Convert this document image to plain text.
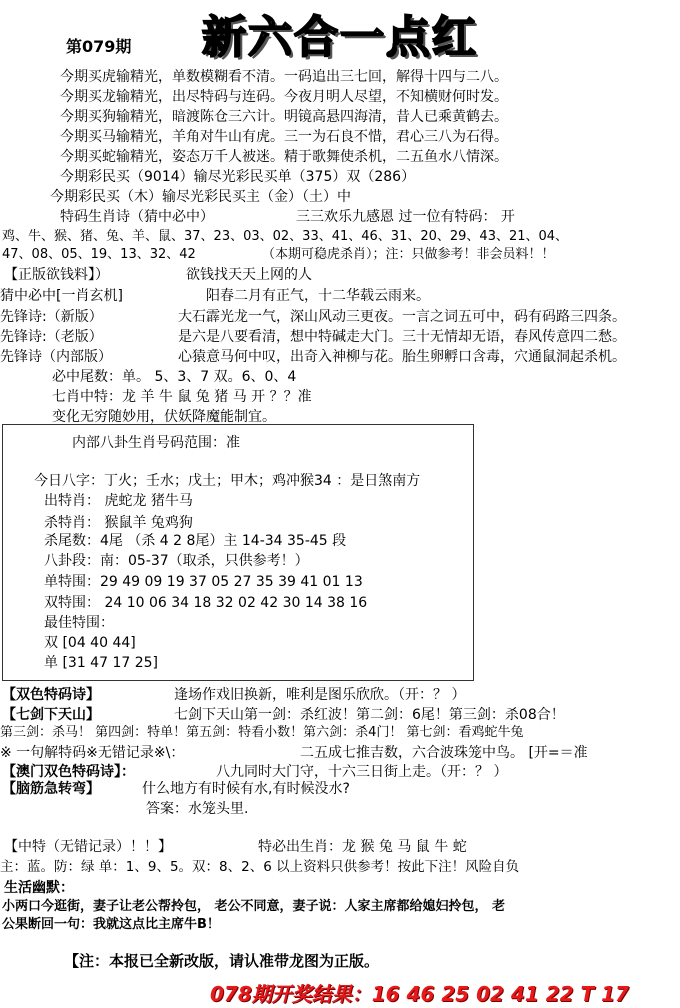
第079期 新六合一点红
今期买虎输精光，单数模糊看不清。一码追出三七回，解得十四与二八。
今期买龙输精光，出尽特码与连码。今夜月明人尽望，不知横财何时发。
今期买狗输精光，暗渡陈仓三六计。明镜高悬四海清，昔人已乘黄鹤去。
今期买马输精光，羊角对牛山有虎。三一为石良不惜，君心三八为石得。
今期买蛇输精光，姿态万千人被迷。精于歌舞使杀机，二五鱼水八情深。
今期彩民买（9014）输尽光彩民买单（375）双（286）
今期彩民买（木）输尽光彩民买主（金）（土）中
特码生肖诗（猜中必中）	三三欢乐九感恩 过一位有特码： 开
鸡、牛、猴、猪、兔、羊、鼠、37、23、03、02、33、41、46、31、20、29、43、21、04、
47、08、05、19、13、32、42	（本期可稳虎杀肖）；注：只做参考！非会员料！！
【正版欲钱料】）	欲钱找天天上网的人
猜中必中[一肖玄机]	阳春二月有正气，十二华载云雨来。
先锋诗:（新版）	大石霹光龙一气，深山风动三更夜。一言之词五可中，码有码路三四条。
先锋诗:（老版）	是六是八要看清，想中特碱走大门。三十无情却无语，春风传意四二愁。
先锋诗（内部版）	心猿意马何中叹，出奇入神柳与花。胎生卵孵口含毒，穴通鼠洞起杀机。
必中尾数：单。 5、3、7 双。6、0、4
七肖中特：龙 羊 牛 鼠 兔 猪 马 开 ？？准
变化无穷随妙用，伏妖降魔能制宜。
内部八卦生肖号码范围：准
今日八字：丁火；壬水；戊土；甲木；鸡冲猴34 ：是日煞南方
出特肖： 虎蛇龙 猪牛马
杀特肖： 猴鼠羊 兔鸡狗
杀尾数：4尾 （杀 4 2 8尾）主 14-34 35-45 段
八卦段：南：05-37（取杀，只供参考！）
单特围：29 49 09 19 37 05 27 35 39 41 01 13
双特围： 24 10 06 34 18 32 02 42 30 14 38 16
最佳特围：
双 [04 40 44]
单 [31 47 17 25]
【双色特码诗】	逢场作戏旧换新，唯利是图乐欣欣。（开：？ ）
【七剑下天山】	七剑下天山第一剑：杀红波！第二剑：6尾！第三剑：杀08合！
第三剑：杀马！ 第四剑：特单！第五剑：特看小数！第六剑：杀4门！ 第七剑：看鸡蛇牛兔
※ 一句解特码※无错记录※\：	二五成七推吉数，六合波珠笼中鸟。 [开=＝准
【澳门双色特码诗】：	八九同时大门守，十六三日街上走。（开：？ ）
【脑筋急转弯】	什么地方有时候有水,有时候没水?
答案：水笼头里.
【中特（无错记录）！！】	特必出生肖：龙 猴 兔 马 鼠 牛 蛇
主：蓝。防：绿 单：1、9、5。双：8、2、6 以上资料只供参考！按此下注！风险自负
生活幽默：
小两口今逛街，妻子让老公帮拎包， 老公不同意，妻子说：人家主席都给媳妇拎包， 老
公果断回一句：我就这点比主席牛B！
【注：本报已全新改版，请认准带龙图为正版。
078期开奖结果：16 46 25 02 41 22 T 17
